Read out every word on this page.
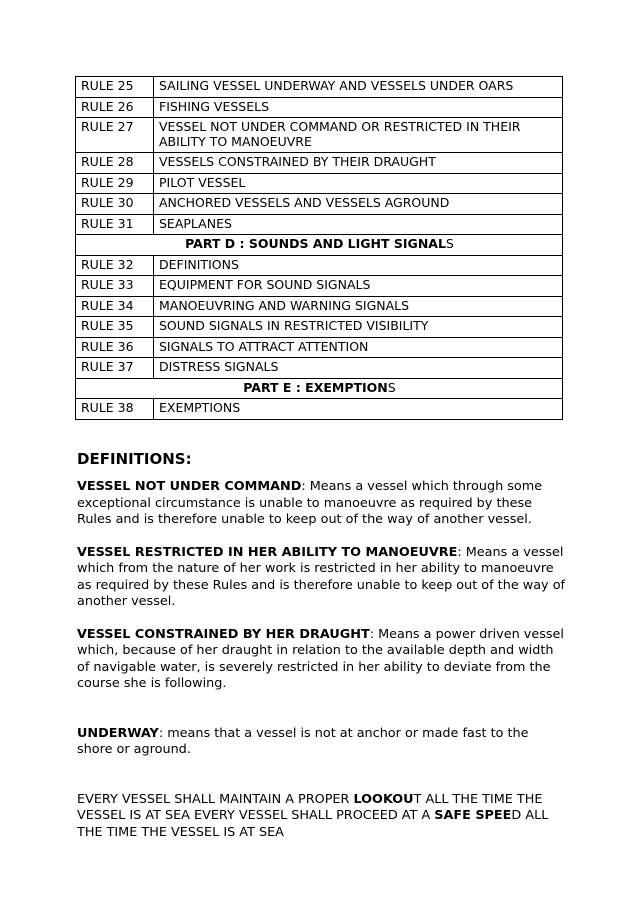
RULE 25	SAILING VESSEL UNDERWAY AND VESSELS UNDER OARS
RULE 26	FISHING VESSELS
RULE 27	VESSEL NOT UNDER COMMAND OR RESTRICTED IN THEIR ABILITY TO MANOEUVRE
RULE 28	VESSELS CONSTRAINED BY THEIR DRAUGHT
RULE 29	PILOT VESSEL
RULE 30	ANCHORED VESSELS AND VESSELS AGROUND
RULE 31	SEAPLANES
PART D : SOUNDS AND LIGHT SIGNALS	
RULE 32	DEFINITIONS
RULE 33	EQUIPMENT FOR SOUND SIGNALS
RULE 34	MANOEUVRING AND WARNING SIGNALS
RULE 35	SOUND SIGNALS IN RESTRICTED VISIBILITY
RULE 36	SIGNALS TO ATTRACT ATTENTION
RULE 37	DISTRESS SIGNALS
PART E : EXEMPTIONS	
RULE 38	EXEMPTIONS
DEFINITIONS:

VESSEL NOT UNDER COMMAND: Means a vessel which through some exceptional circumstance is unable to manoeuvre as required by these Rules and is therefore unable to keep out of the way of another vessel.

VESSEL RESTRICTED IN HER ABILITY TO MANOEUVRE: Means a vessel which from the nature of her work is restricted in her ability to manoeuvre as required by these Rules and is therefore unable to keep out of the way of another vessel.

VESSEL CONSTRAINED BY HER DRAUGHT: Means a power driven vessel which, because of her draught in relation to the available depth and width of navigable water, is severely restricted in her ability to deviate from the course she is following.

UNDERWAY: means that a vessel is not at anchor or made fast to the shore or aground.

EVERY VESSEL SHALL MAINTAIN A PROPER LOOKOUT ALL THE TIME THE VESSEL IS AT SEA EVERY VESSEL SHALL PROCEED AT A SAFE SPEED ALL THE TIME THE VESSEL IS AT SEA
